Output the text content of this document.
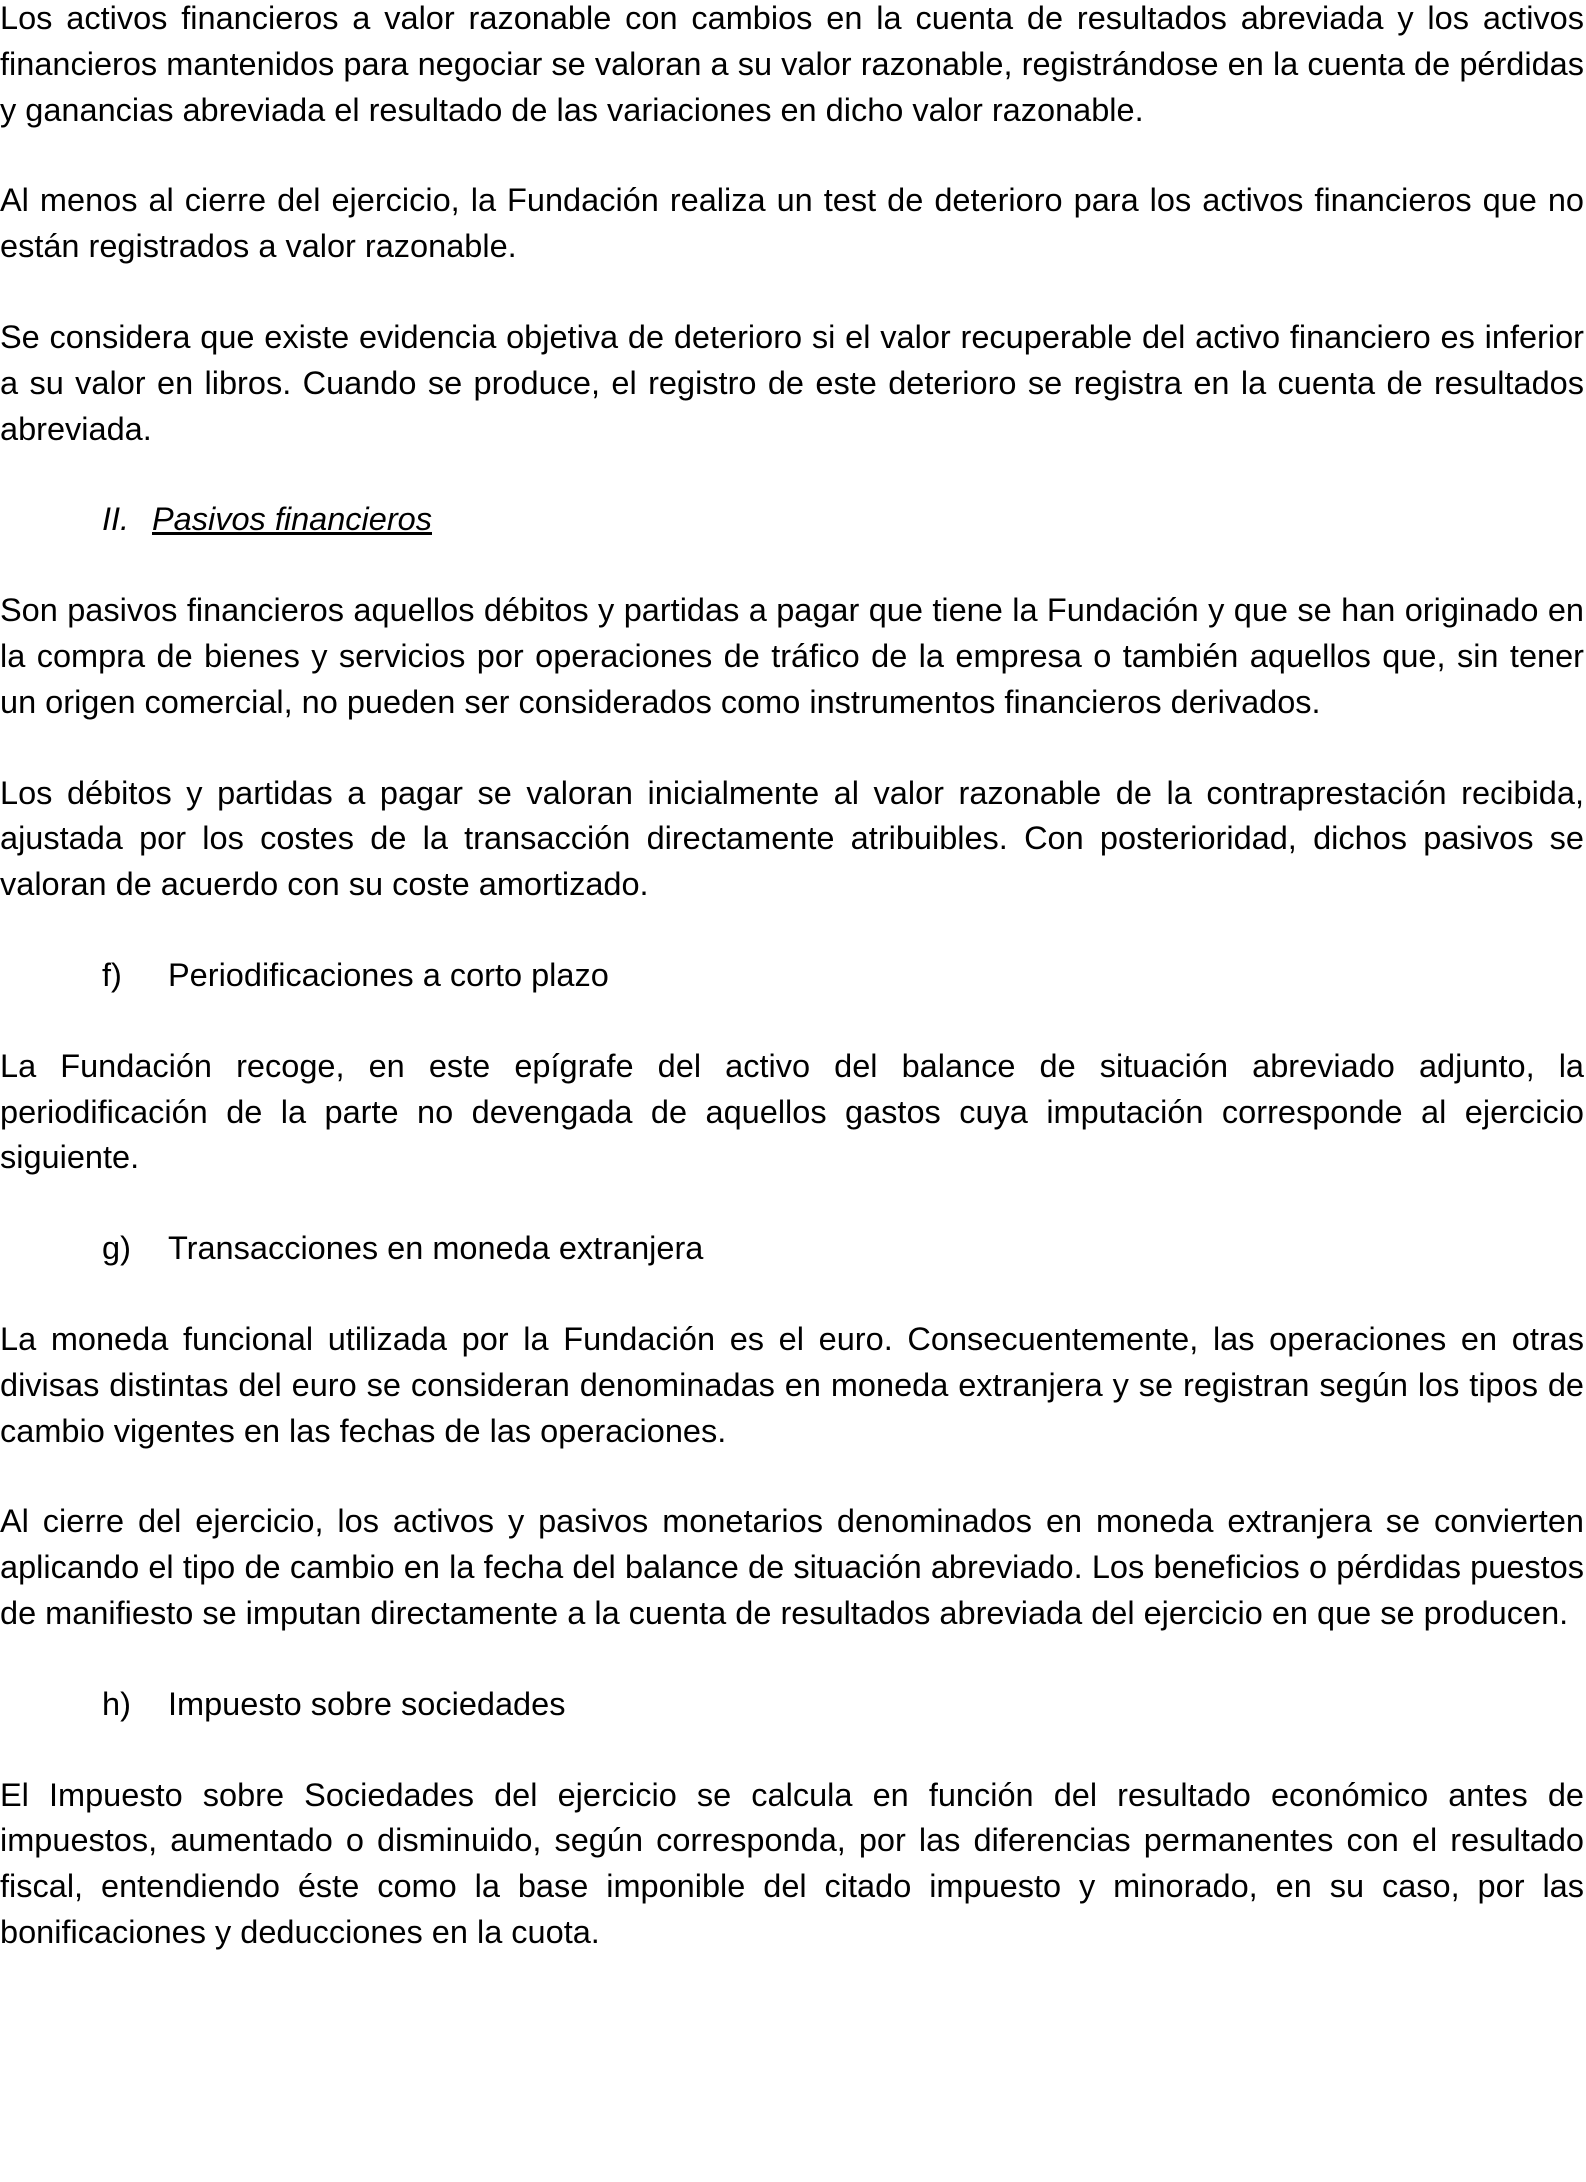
Los activos financieros a valor razonable con cambios en la cuenta de resultados abreviada y los activos financieros mantenidos para negociar se valoran a su valor razonable, registrándose en la cuenta de pérdidas y ganancias abreviada el resultado de las variaciones en dicho valor razonable.

Al menos al cierre del ejercicio, la Fundación realiza un test de deterioro para los activos financieros que no están registrados a valor razonable.

Se considera que existe evidencia objetiva de deterioro si el valor recuperable del activo financiero es inferior a su valor en libros. Cuando se produce, el registro de este deterioro se registra en la cuenta de resultados abreviada.

II. Pasivos financieros

Son pasivos financieros aquellos débitos y partidas a pagar que tiene la Fundación y que se han originado en la compra de bienes y servicios por operaciones de tráfico de la empresa o también aquellos que, sin tener un origen comercial, no pueden ser considerados como instrumentos financieros derivados.

Los débitos y partidas a pagar se valoran inicialmente al valor razonable de la contraprestación recibida, ajustada por los costes de la transacción directamente atribuibles. Con posterioridad, dichos pasivos se valoran de acuerdo con su coste amortizado.

f) Periodificaciones a corto plazo

La Fundación recoge, en este epígrafe del activo del balance de situación abreviado adjunto, la periodificación de la parte no devengada de aquellos gastos cuya imputación corresponde al ejercicio siguiente.

g) Transacciones en moneda extranjera

La moneda funcional utilizada por la Fundación es el euro. Consecuentemente, las operaciones en otras divisas distintas del euro se consideran denominadas en moneda extranjera y se registran según los tipos de cambio vigentes en las fechas de las operaciones.

Al cierre del ejercicio, los activos y pasivos monetarios denominados en moneda extranjera se convierten aplicando el tipo de cambio en la fecha del balance de situación abreviado. Los beneficios o pérdidas puestos de manifiesto se imputan directamente a la cuenta de resultados abreviada del ejercicio en que se producen.

h) Impuesto sobre sociedades

El Impuesto sobre Sociedades del ejercicio se calcula en función del resultado económico antes de impuestos, aumentado o disminuido, según corresponda, por las diferencias permanentes con el resultado fiscal, entendiendo éste como la base imponible del citado impuesto y minorado, en su caso, por las bonificaciones y deducciones en la cuota.
